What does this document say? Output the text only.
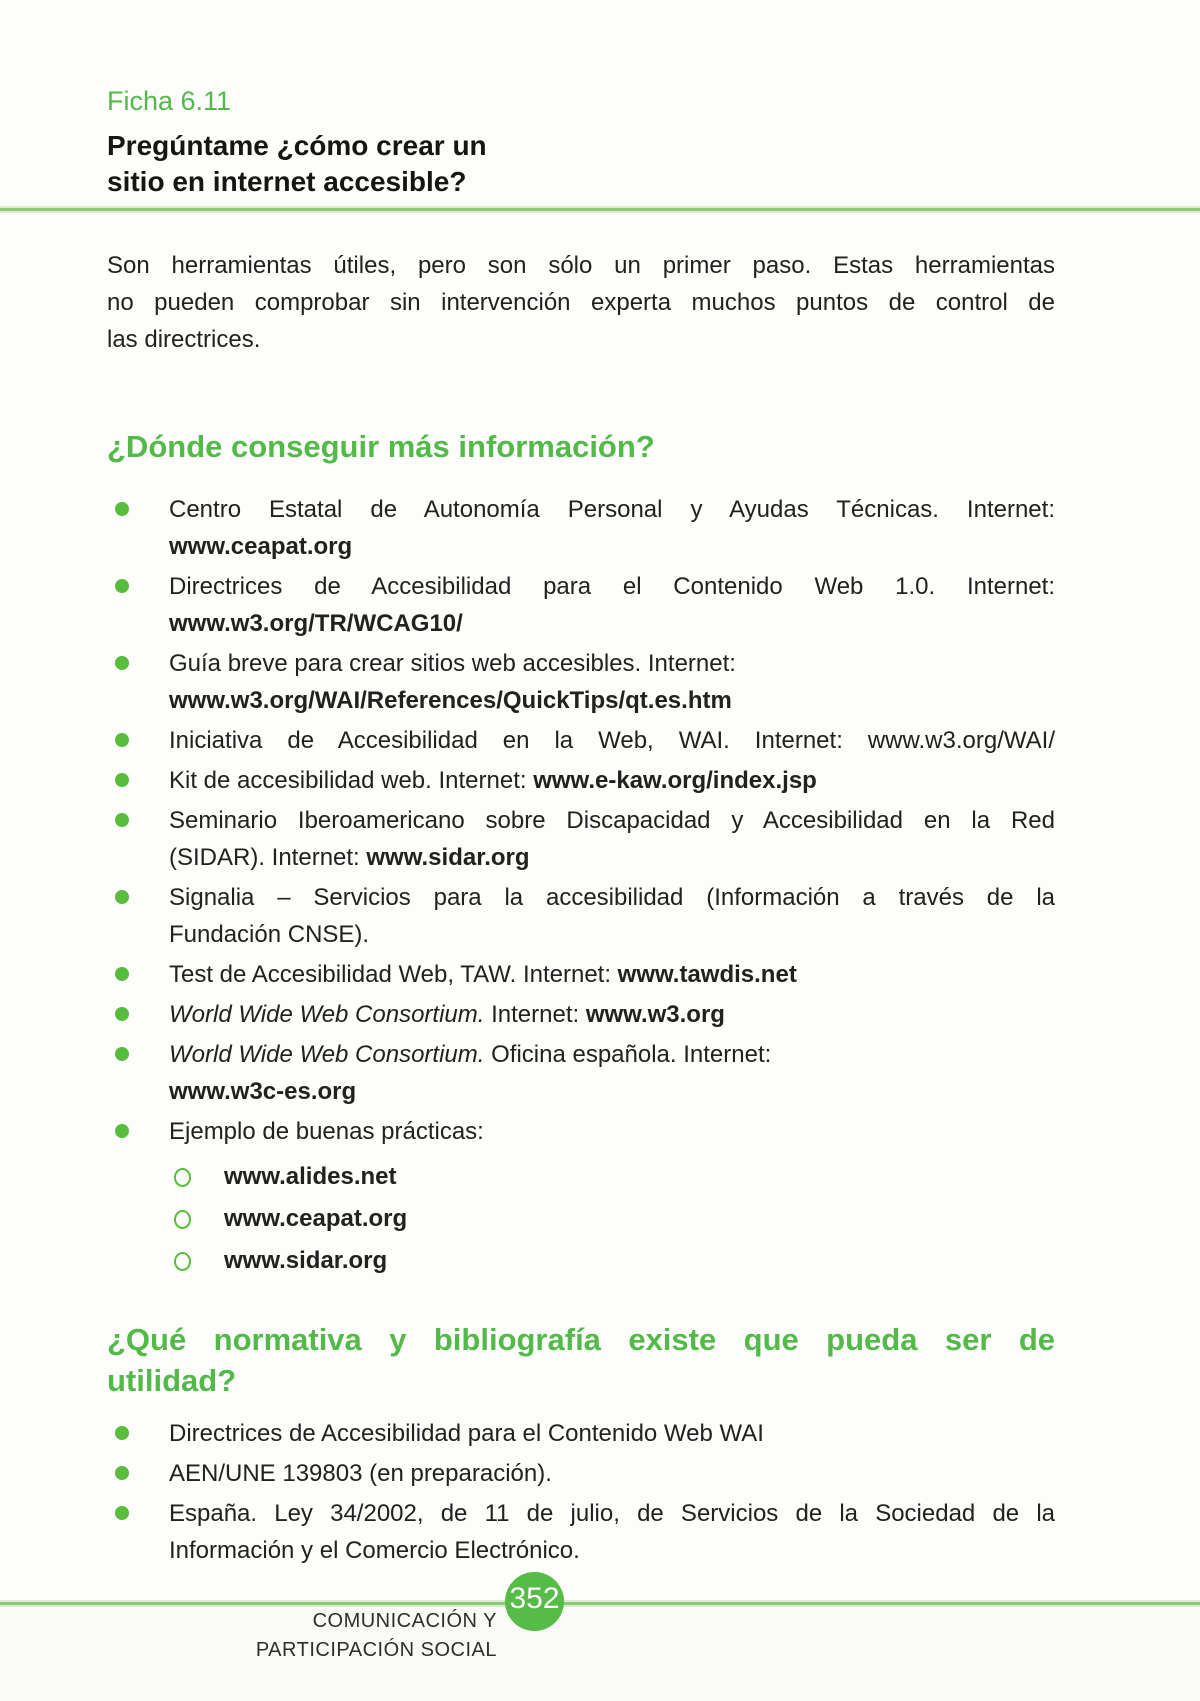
Ficha 6.11
Pregúntame ¿cómo crear un
sitio en internet accesible?
Son herramientas útiles, pero son sólo un primer paso. Estas herramientas
no pueden comprobar sin intervención experta muchos puntos de control de
las directrices.
¿Dónde conseguir más información?
Centro Estatal de Autonomía Personal y Ayudas Técnicas. Internet:
www.ceapat.org
Directrices de Accesibilidad para el Contenido Web 1.0. Internet:
www.w3.org/TR/WCAG10/
Guía breve para crear sitios web accesibles. Internet:
www.w3.org/WAI/References/QuickTips/qt.es.htm
Iniciativa de Accesibilidad en la Web, WAI. Internet: www.w3.org/WAI/
Kit de accesibilidad web. Internet: www.e-kaw.org/index.jsp
Seminario Iberoamericano sobre Discapacidad y Accesibilidad en la Red
(SIDAR). Internet: www.sidar.org
Signalia – Servicios para la accesibilidad (Información a través de la
Fundación CNSE).
Test de Accesibilidad Web, TAW. Internet: www.tawdis.net
World Wide Web Consortium. Internet: www.w3.org
World Wide Web Consortium. Oficina española. Internet:
www.w3c-es.org
Ejemplo de buenas prácticas:
www.alides.net
www.ceapat.org
www.sidar.org
¿Qué normativa y bibliografía existe que pueda ser de
utilidad?
Directrices de Accesibilidad para el Contenido Web WAI
AEN/UNE 139803 (en preparación).
España. Ley 34/2002, de 11 de julio, de Servicios de la Sociedad de la
Información y el Comercio Electrónico.
352
COMUNICACIÓN Y
PARTICIPACIÓN SOCIAL
